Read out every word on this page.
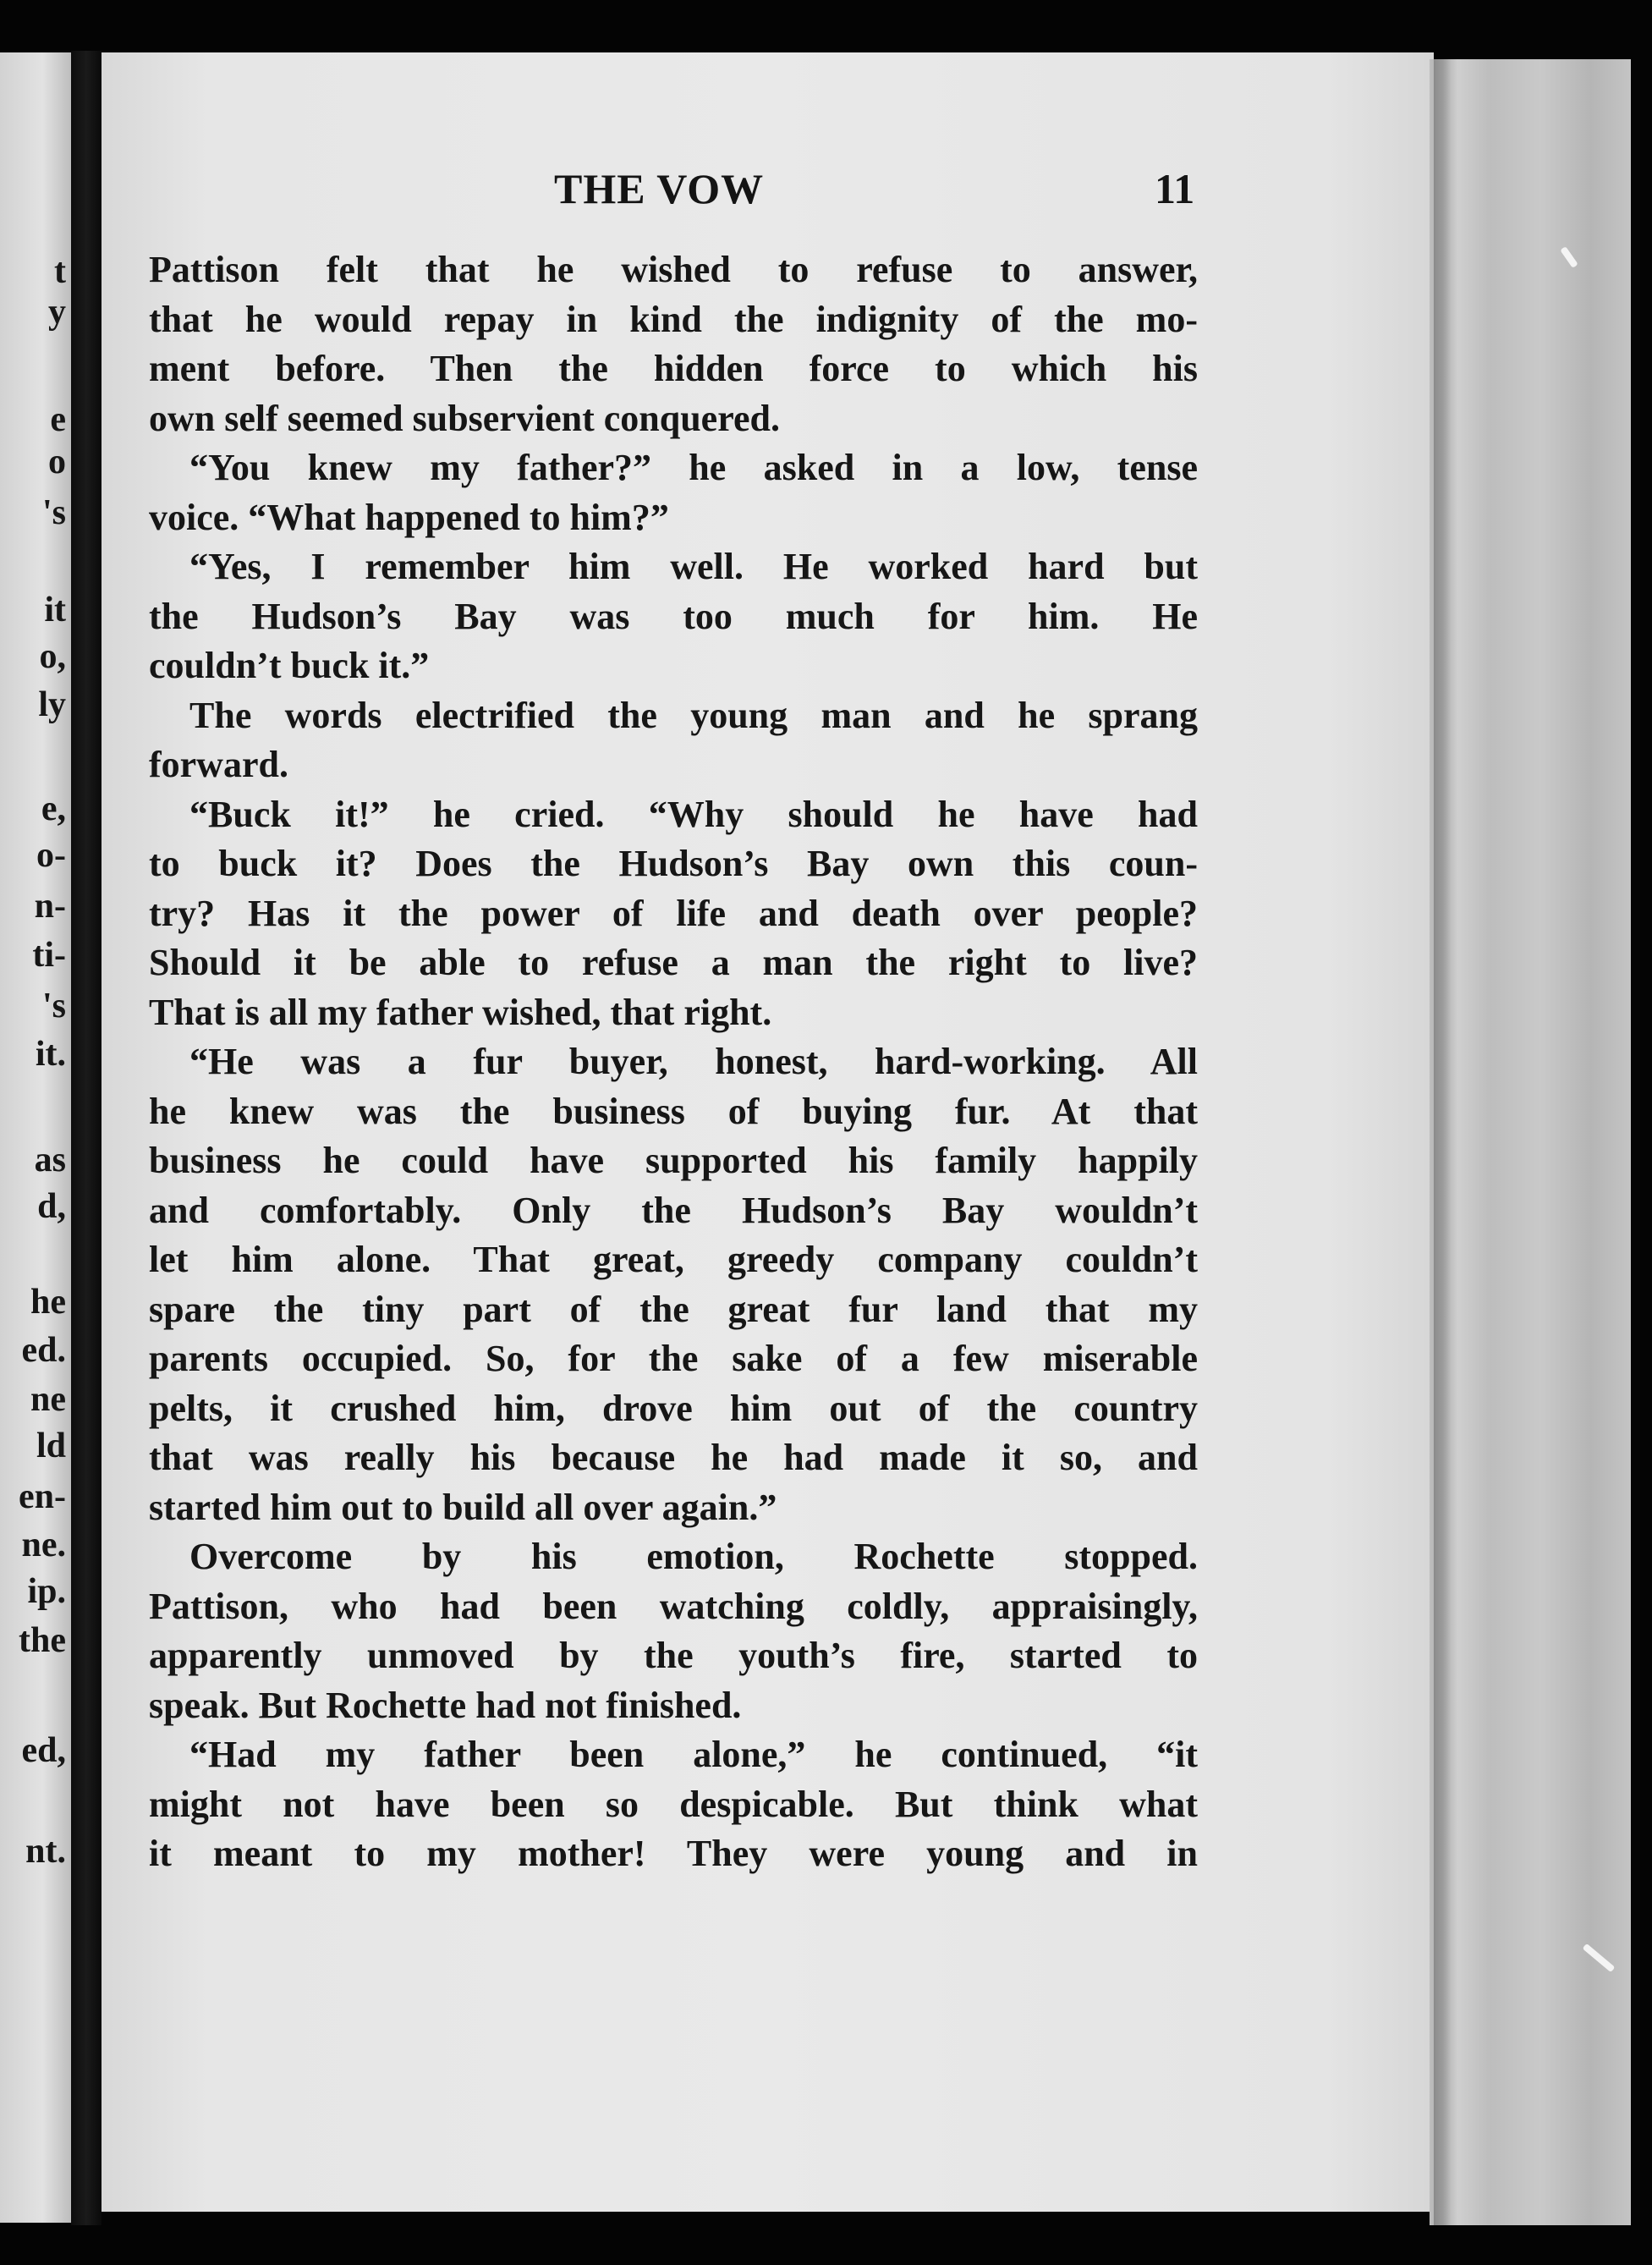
t
y
e
o
's
it
o,
ly
e,
o-
n-
ti-
's
it.
as
d,
he
ed.
ne
ld
en-
ne.
ip.
the
ed,
nt.
THE VOW	11
Pattison felt that he wished to refuse to answer,
that he would repay in kind the indignity of the mo-
ment before. Then the hidden force to which his
own self seemed subservient conquered.
“You knew my father?” he asked in a low, tense
voice. “What happened to him?”
“Yes, I remember him well. He worked hard but
the Hudson’s Bay was too much for him. He
couldn’t buck it.”
The words electrified the young man and he sprang
forward.
“Buck it!” he cried. “Why should he have had
to buck it? Does the Hudson’s Bay own this coun-
try? Has it the power of life and death over people?
Should it be able to refuse a man the right to live?
That is all my father wished, that right.
“He was a fur buyer, honest, hard-working. All
he knew was the business of buying fur. At that
business he could have supported his family happily
and comfortably. Only the Hudson’s Bay wouldn’t
let him alone. That great, greedy company couldn’t
spare the tiny part of the great fur land that my
parents occupied. So, for the sake of a few miserable
pelts, it crushed him, drove him out of the country
that was really his because he had made it so, and
started him out to build all over again.”
Overcome by his emotion, Rochette stopped.
Pattison, who had been watching coldly, appraisingly,
apparently unmoved by the youth’s fire, started to
speak. But Rochette had not finished.
“Had my father been alone,” he continued, “it
might not have been so despicable. But think what
it meant to my mother! They were young and in
